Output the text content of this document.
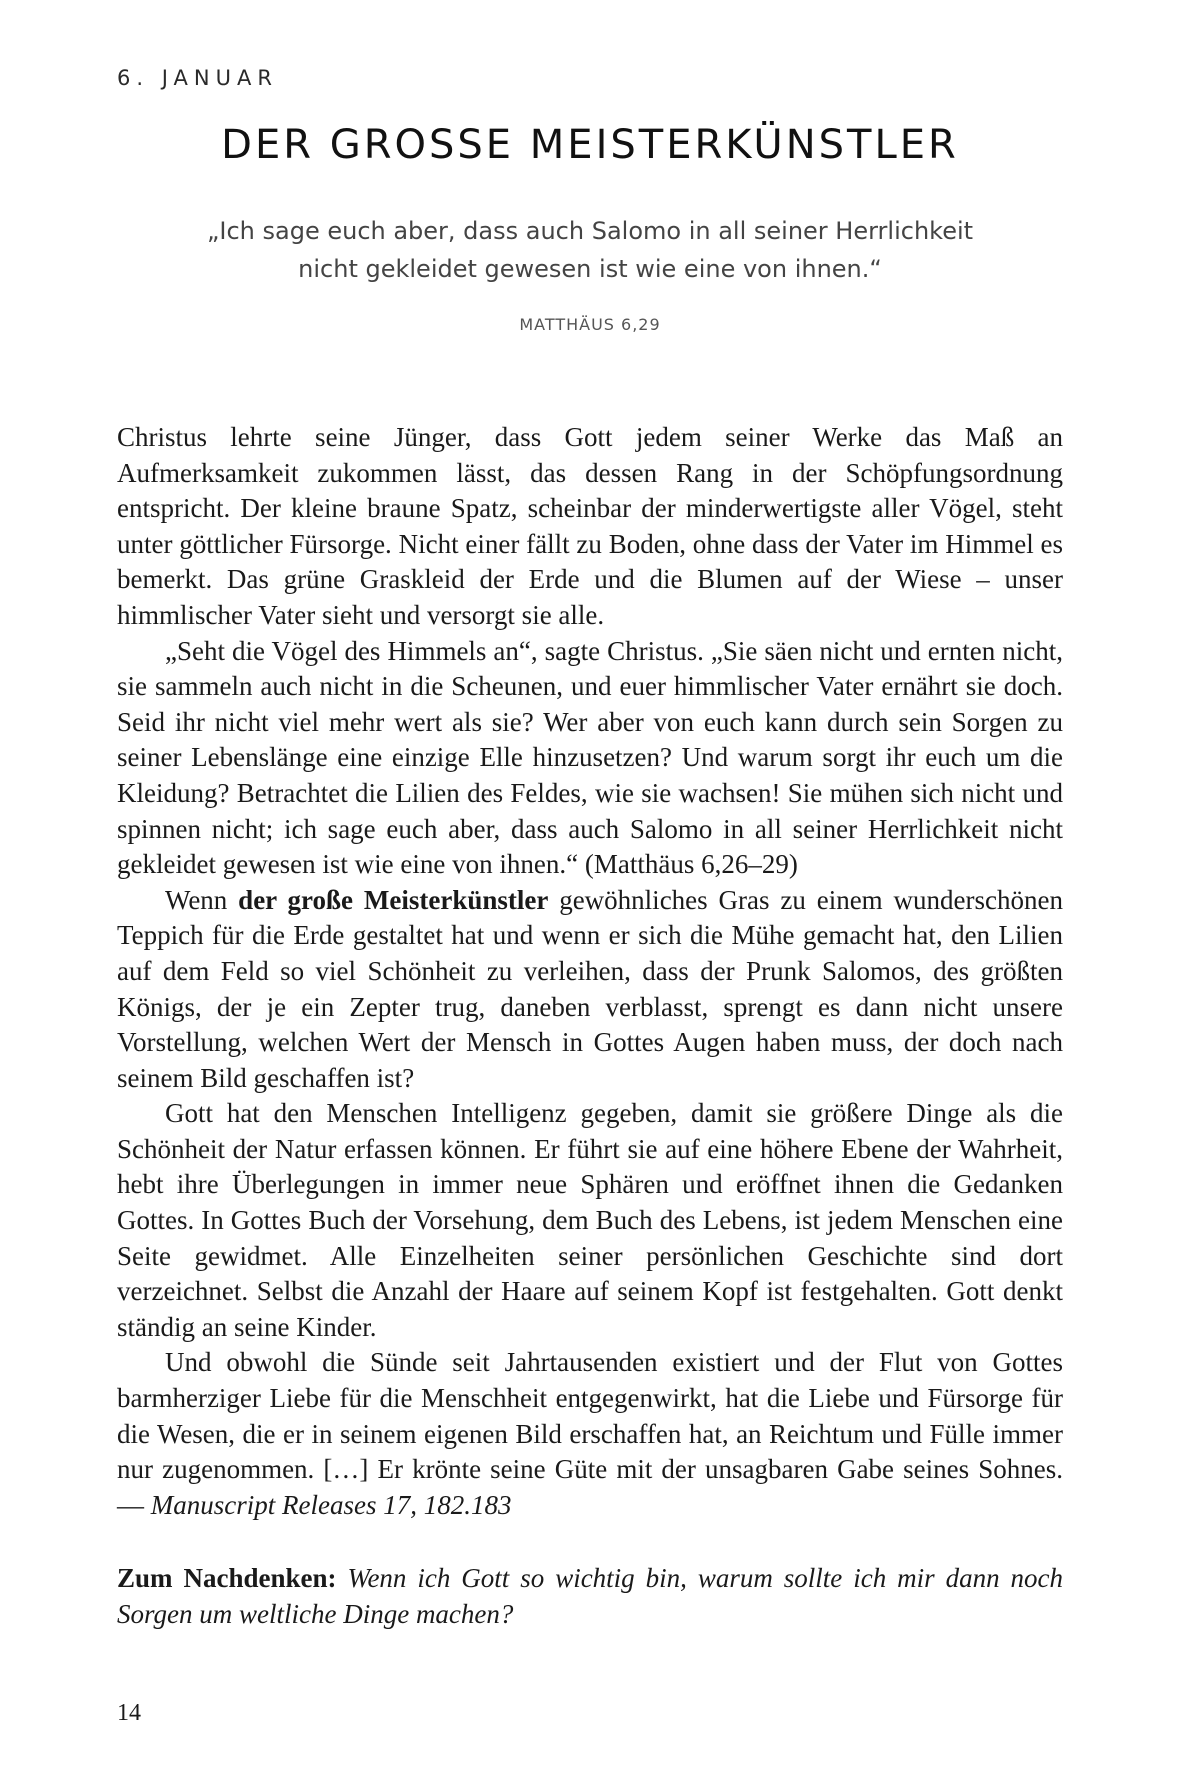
6. JANUAR
DER GROSSE MEISTERKÜNSTLER
„Ich sage euch aber, dass auch Salomo in all seiner Herrlichkeit
nicht gekleidet gewesen ist wie eine von ihnen.“
MATTHÄUS 6,29

Christus lehrte seine Jünger, dass Gott jedem seiner Werke das Maß an Aufmerksamkeit zukommen lässt, das dessen Rang in der Schöpfungsordnung entspricht. Der kleine braune Spatz, scheinbar der minderwertigste aller Vögel, steht unter göttlicher Fürsorge. Nicht einer fällt zu Boden, ohne dass der Vater im Himmel es bemerkt. Das grüne Graskleid der Erde und die Blumen auf der Wiese – unser himmlischer Vater sieht und versorgt sie alle.

„Seht die Vögel des Himmels an“, sagte Christus. „Sie säen nicht und ernten nicht, sie sammeln auch nicht in die Scheunen, und euer himmlischer Vater ernährt sie doch. Seid ihr nicht viel mehr wert als sie? Wer aber von euch kann durch sein Sorgen zu seiner Lebenslänge eine einzige Elle hinzusetzen? Und warum sorgt ihr euch um die Kleidung? Betrachtet die Lilien des Feldes, wie sie wachsen! Sie mühen sich nicht und spinnen nicht; ich sage euch aber, dass auch Salomo in all seiner Herrlichkeit nicht gekleidet gewesen ist wie eine von ihnen.“ (Matthäus 6,26–29)

Wenn der große Meisterkünstler gewöhnliches Gras zu einem wunderschönen Teppich für die Erde gestaltet hat und wenn er sich die Mühe gemacht hat, den Lilien auf dem Feld so viel Schönheit zu verleihen, dass der Prunk Salomos, des größten Königs, der je ein Zepter trug, daneben verblasst, sprengt es dann nicht unsere Vorstellung, welchen Wert der Mensch in Gottes Augen haben muss, der doch nach seinem Bild geschaffen ist?

Gott hat den Menschen Intelligenz gegeben, damit sie größere Dinge als die Schönheit der Natur erfassen können. Er führt sie auf eine höhere Ebene der Wahrheit, hebt ihre Überlegungen in immer neue Sphären und eröffnet ihnen die Gedanken Gottes. In Gottes Buch der Vorsehung, dem Buch des Lebens, ist jedem Menschen eine Seite gewidmet. Alle Einzelheiten seiner persönlichen Geschichte sind dort verzeichnet. Selbst die Anzahl der Haare auf seinem Kopf ist festgehalten. Gott denkt ständig an seine Kinder.

Und obwohl die Sünde seit Jahrtausenden existiert und der Flut von Gottes barmherziger Liebe für die Menschheit entgegenwirkt, hat die Liebe und Fürsorge für die Wesen, die er in seinem eigenen Bild erschaffen hat, an Reichtum und Fülle immer nur zugenommen. […] Er krönte seine Güte mit der unsagbaren Gabe seines Sohnes. — Manuscript Releases 17, 182.183

Zum Nachdenken: Wenn ich Gott so wichtig bin, warum sollte ich mir dann noch Sorgen um weltliche Dinge machen?
14
